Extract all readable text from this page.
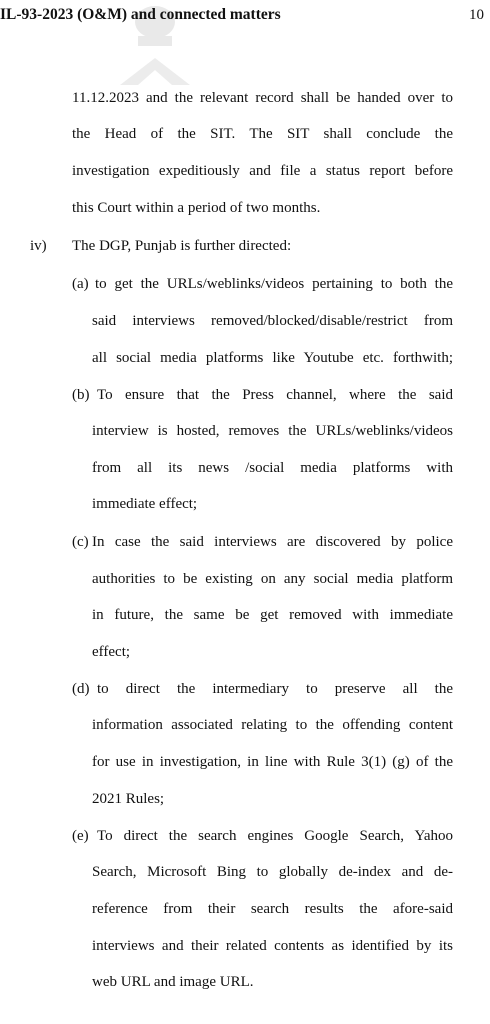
IL-93-2023 (O&M) and connected matters	10
11.12.2023 and the relevant record shall be handed over to
the Head of the SIT. The SIT shall conclude the
investigation expeditiously and file a status report before
this Court within a period of two months.
iv) The DGP, Punjab is further directed:
(a) to get the URLs/weblinks/videos pertaining to both the
said interviews removed/blocked/disable/restrict from
all social media platforms like Youtube etc. forthwith;
(b) To ensure that the Press channel, where the said
interview is hosted, removes the URLs/weblinks/videos
from all its news /social media platforms with
immediate effect;
(c) In case the said interviews are discovered by police
authorities to be existing on any social media platform
in future, the same be get removed with immediate
effect;
(d) to direct the intermediary to preserve all the
information associated relating to the offending content
for use in investigation, in line with Rule 3(1) (g) of the
2021 Rules;
(e) To direct the search engines Google Search, Yahoo
Search, Microsoft Bing to globally de-index and de-
reference from their search results the afore-said
interviews and their related contents as identified by its
web URL and image URL.
